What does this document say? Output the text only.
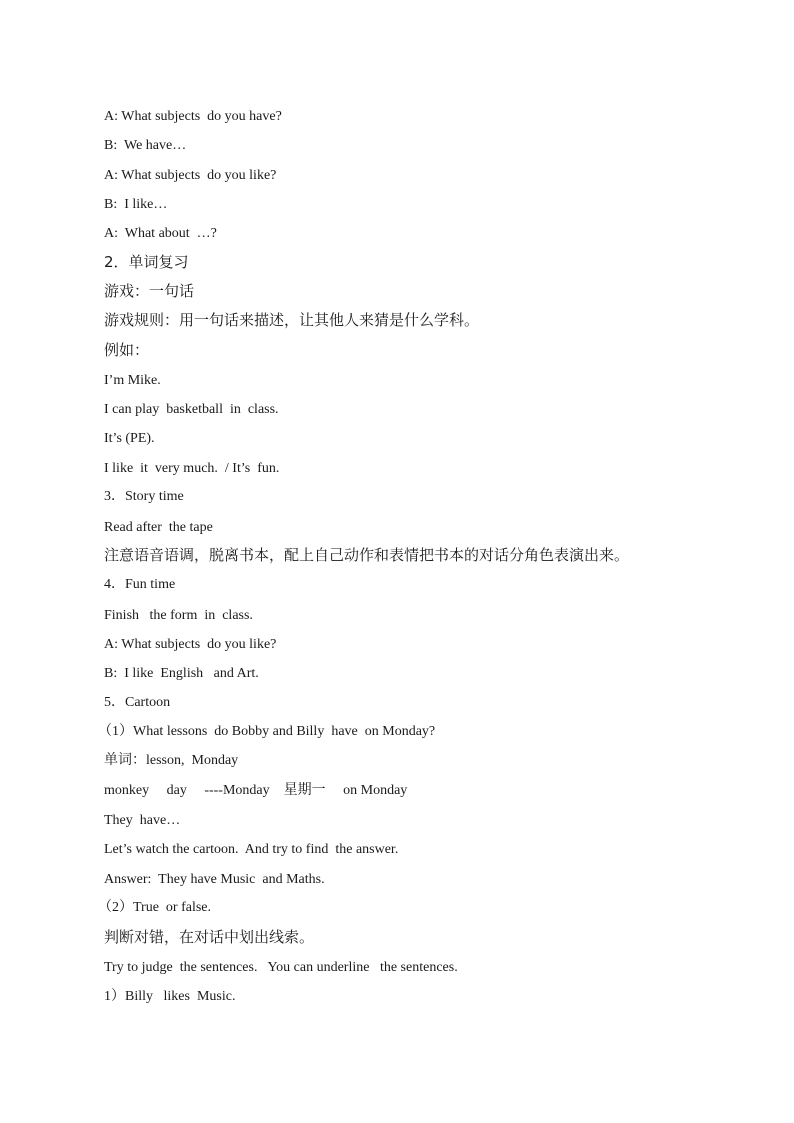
A: What subjects  do you have?
B:  We have…
A: What subjects  do you like?
B:  I like…
A:  What about  …?
2．单词复习
游戏：一句话
游戏规则：用一句话来描述，让其他人来猜是什么学科。
例如：
I’m Mike.
I can play  basketball  in  class.
It’s (PE).
I like  it  very much.  / It’s  fun.
3．Story time
Read after  the tape
注意语音语调，脱离书本，配上自己动作和表情把书本的对话分角色表演出来。
4．Fun time
Finish   the form  in  class.
A: What subjects  do you like?
B:  I like  English   and Art.
5．Cartoon
（1）What lessons  do Bobby and Billy  have  on Monday?
单词：lesson,  Monday
monkey     day     ----Monday    星期一     on Monday
They  have…
Let’s watch the cartoon.  And try to find  the answer.
Answer:  They have Music  and Maths.
（2）True  or false.
判断对错，在对话中划出线索。
Try to judge  the sentences.   You can underline   the sentences.
1）Billy   likes  Music.
